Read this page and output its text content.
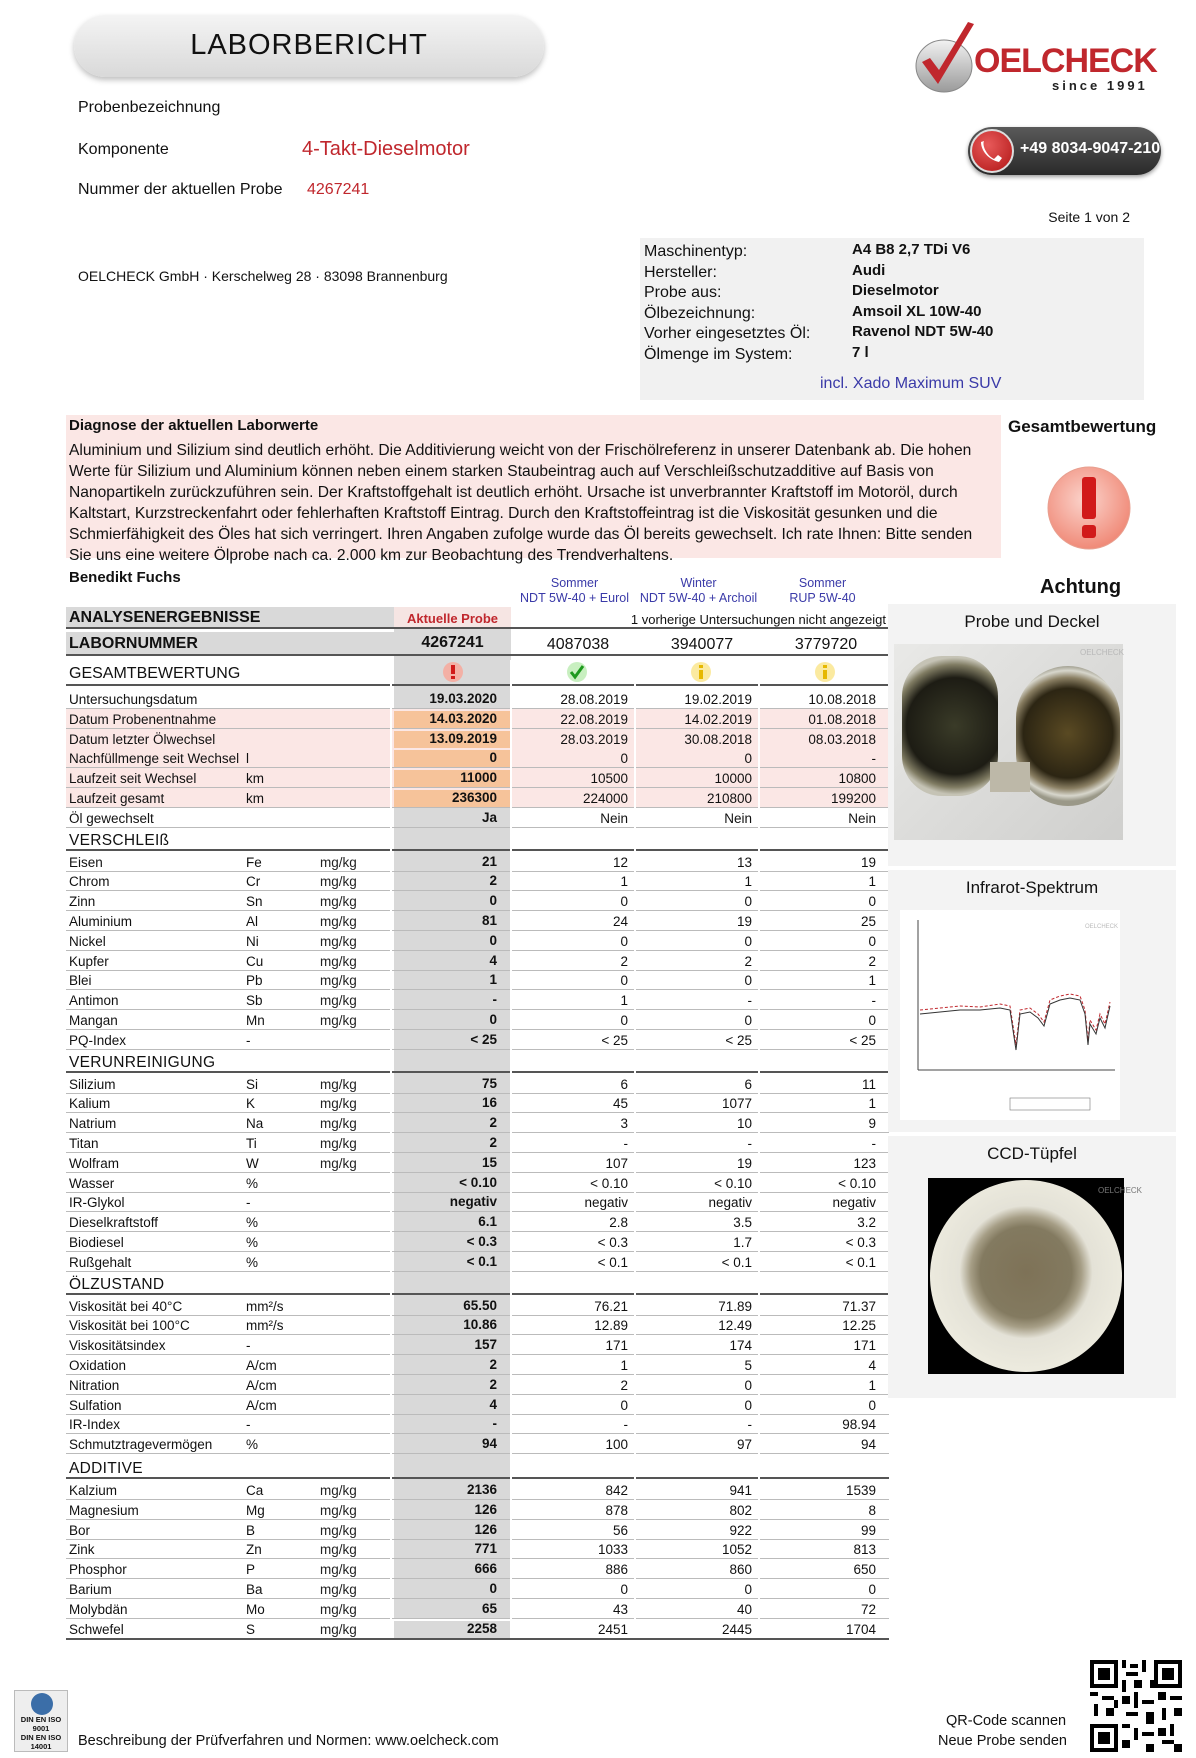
LABORBERICHT	OELCHECK
since 1991
+49 8034-9047-210
Probenbezeichnung
Komponente	4-Takt-Dieselmotor
Nummer der aktuellen Probe 4267241
Seite 1 von 2
OELCHECK GmbH · Kerschelweg 28 · 83098 Brannenburg
Maschinentyp:	A4 B8 2,7 TDi V6
Hersteller:	Audi
Probe aus:	Dieselmotor
Ölbezeichnung:	Amsoil XL 10W-40
Vorher eingesetztes Öl:	Ravenol NDT 5W-40
Ölmenge im System:	7 l
incl. Xado Maximum SUV
Diagnose der aktuellen Laborwerte
Aluminium und Silizium sind deutlich erhöht. Die Additivierung weicht von der Frischölreferenz in unserer Datenbank ab. Die hohen
Werte für Silizium und Aluminium können neben einem starken Staubeintrag auch auf Verschleißschutzadditive auf Basis von
Nanopartikeln zurückzuführen sein. Der Kraftstoffgehalt ist deutlich erhöht. Ursache ist unverbrannter Kraftstoff im Motoröl, durch
Kaltstart, Kurzstreckenfahrt oder fehlerhaften Kraftstoff Eintrag. Durch den Kraftstoffeintrag ist die Viskosität gesunken und die
Schmierfähigkeit des Öles hat sich verringert. Ihren Angaben zufolge wurde das Öl bereits gewechselt. Ich rate Ihnen: Bitte senden
Sie uns eine weitere Ölprobe nach ca. 2.000 km zur Beobachtung des Trendverhaltens.
Benedikt Fuchs
Gesamtbewertung
Achtung
Sommer
NDT 5W-40 + Eurol
Winter
NDT 5W-40 + Archoil
Sommer
RUP 5W-40
ANALYSENERGEBNISSE	Aktuelle Probe	1 vorherige Untersuchungen nicht angezeigt
LABORNUMMER	4267241	4087038	3940077	3779720
GESAMTBEWERTUNG
Untersuchungsdatum	19.03.2020	28.08.2019	19.02.2019	10.08.2018
Datum Probenentnahme	14.03.2020	22.08.2019	14.02.2019	01.08.2018
Datum letzter Ölwechsel	13.09.2019	28.03.2019	30.08.2018	08.03.2018
Nachfüllmenge seit Wechsel l	0	0	0	-
Laufzeit seit Wechsel	km	11000	10500	10000	10800
Laufzeit gesamt	km	236300	224000	210800	199200
Öl gewechselt	Ja	Nein	Nein	Nein
VERSCHLEIß
Eisen	Fe	mg/kg	21	12	13	19
Chrom	Cr	mg/kg	2	1	1	1
Zinn	Sn	mg/kg	0	0	0	0
Aluminium	Al	mg/kg	81	24	19	25
Nickel	Ni	mg/kg	0	0	0	0
Kupfer	Cu	mg/kg	4	2	2	2
Blei	Pb	mg/kg	1	0	0	1
Antimon	Sb	mg/kg	-	1	-	-
Mangan	Mn	mg/kg	0	0	0	0
PQ-Index	-	< 25	< 25	< 25	< 25
VERUNREINIGUNG
Silizium	Si	mg/kg	75	6	6	11
Kalium	K	mg/kg	16	45	1077	1
Natrium	Na	mg/kg	2	3	10	9
Titan	Ti	mg/kg	2	-	-	-
Wolfram	W	mg/kg	15	107	19	123
Wasser	%	< 0.10	< 0.10	< 0.10	< 0.10
IR-Glykol	-	negativ	negativ	negativ	negativ
Dieselkraftstoff	%	6.1	2.8	3.5	3.2
Biodiesel	%	< 0.3	< 0.3	1.7	< 0.3
Rußgehalt	%	< 0.1	< 0.1	< 0.1	< 0.1
ÖLZUSTAND
Viskosität bei 40°C	mm²/s	65.50	76.21	71.89	71.37
Viskosität bei 100°C	mm²/s	10.86	12.89	12.49	12.25
Viskositätsindex	-	157	171	174	171
Oxidation	A/cm	2	1	5	4
Nitration	A/cm	2	2	0	1
Sulfation	A/cm	4	0	0	0
IR-Index	-	-	-	-	98.94
Schmutztragevermögen %	94	100	97	94
ADDITIVE
Kalzium	Ca	mg/kg	2136	842	941	1539
Magnesium	Mg	mg/kg	126	878	802	8
Bor	B	mg/kg	126	56	922	99
Zink	Zn	mg/kg	771	1033	1052	813
Phosphor	P	mg/kg	666	886	860	650
Barium	Ba	mg/kg	0	0	0	0
Molybdän	Mo	mg/kg	65	43	40	72
Schwefel	S	mg/kg	2258	2451	2445	1704
Probe und Deckel
OELCHECK
Infrarot-Spektrum
OELCHECK
CCD-Tüpfel
OELCHECK
DIN EN ISO
9001
DIN EN ISO
14001	Beschreibung der Prüfverfahren und Normen: www.oelcheck.com
QR-Code scannen
Neue Probe senden
